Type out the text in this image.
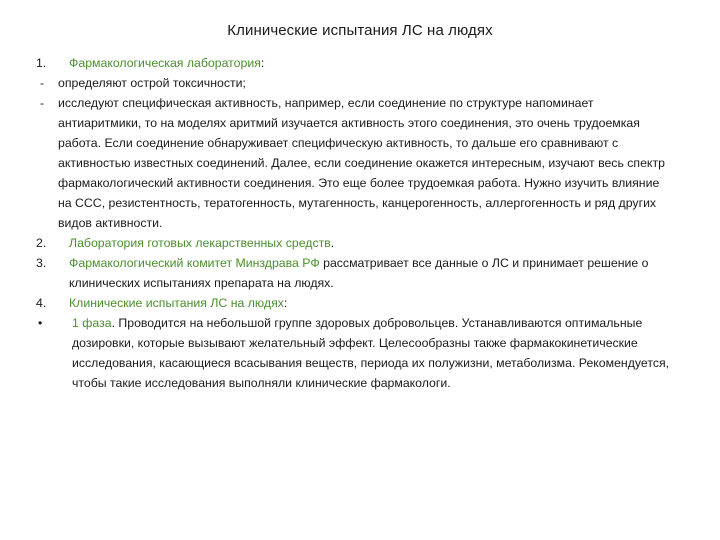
Клинические испытания ЛС на людях
1.	Фармакологическая лаборатория:
-	определяют острой токсичности;
-	исследуют специфическая активность, например, если соединение по структуре напоминает антиаритмики, то на моделях аритмий изучается активность этого соединения, это очень трудоемкая работа. Если соединение обнаруживает специфическую активность, то дальше его сравнивают с активностью известных соединений. Далее, если соединение окажется интересным, изучают весь спектр фармакологический активности соединения. Это еще более трудоемкая работа. Нужно изучить влияние на ССС, резистентность, тератогенность, мутагенность, канцерогенность, аллергогенность и ряд других видов активности.
2.	Лаборатория готовых лекарственных средств.
3.	Фармакологический комитет Минздрава РФ рассматривает все данные о ЛС и принимает решение о клинических испытаниях препарата на людях.
4.	Клинические испытания ЛС на людях:
•	1 фаза. Проводится на небольшой группе здоровых добровольцев. Устанавливаются оптимальные дозировки, которые вызывают желательный эффект. Целесообразны также фармакокинетические исследования, касающиеся всасывания веществ, периода их полужизни, метаболизма. Рекомендуется, чтобы такие исследования выполняли клинические фармакологи.
